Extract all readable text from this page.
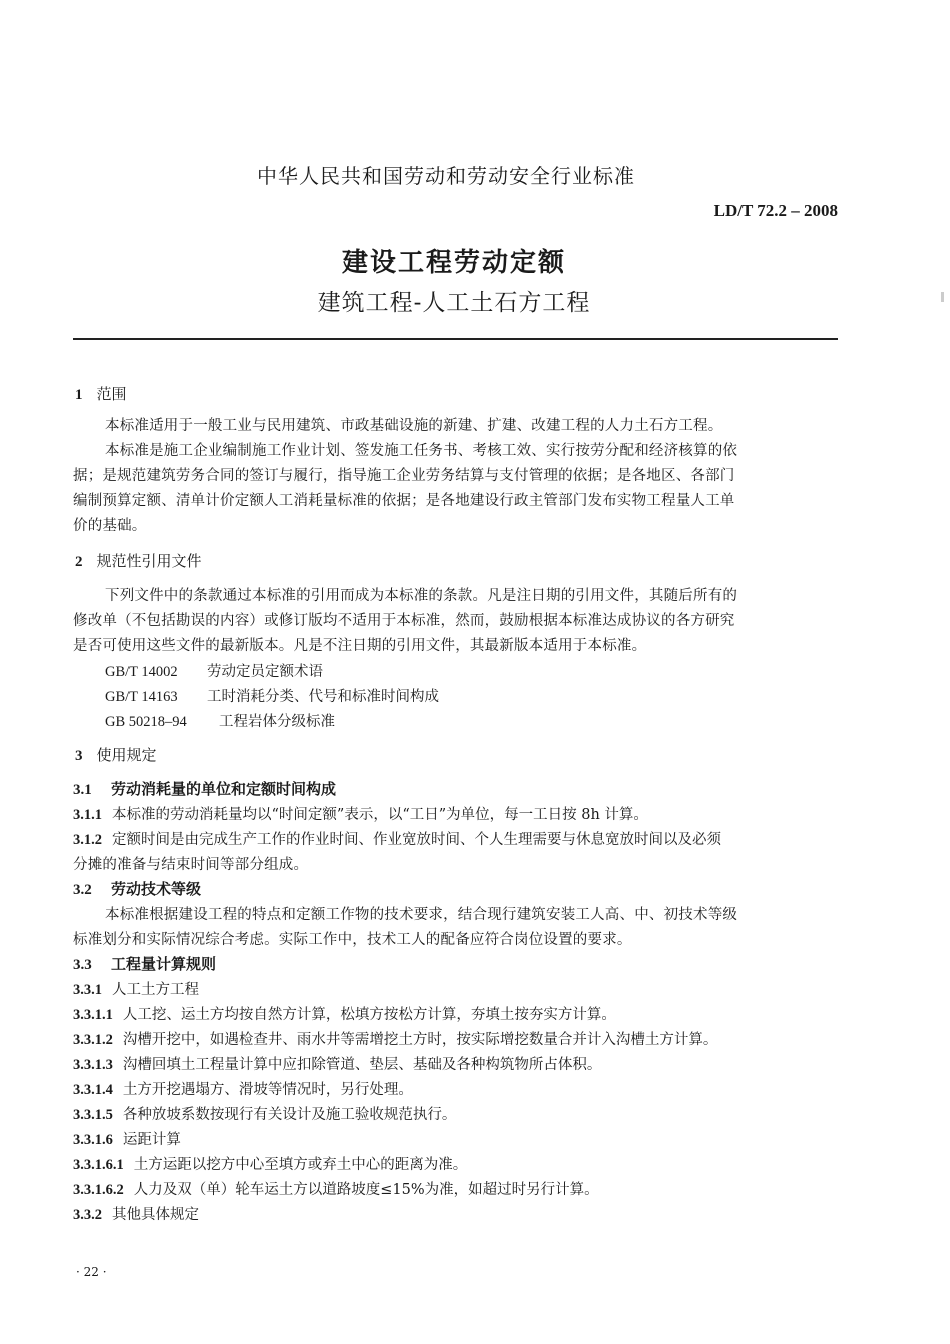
中华人民共和国劳动和劳动安全行业标准
LD/T 72.2 – 2008
建设工程劳动定额
建筑工程-人工土石方工程
1 范围
本标准适用于一般工业与民用建筑、市政基础设施的新建、扩建、改建工程的人力土石方工程。
本标准是施工企业编制施工作业计划、签发施工任务书、考核工效、实行按劳分配和经济核算的依
据；是规范建筑劳务合同的签订与履行，指导施工企业劳务结算与支付管理的依据；是各地区、各部门
编制预算定额、清单计价定额人工消耗量标准的依据；是各地建设行政主管部门发布实物工程量人工单
价的基础。
2 规范性引用文件
下列文件中的条款通过本标准的引用而成为本标准的条款。凡是注日期的引用文件，其随后所有的
修改单（不包括勘误的内容）或修订版均不适用于本标准，然而，鼓励根据本标准达成协议的各方研究
是否可使用这些文件的最新版本。凡是不注日期的引用文件，其最新版本适用于本标准。
GB/T 14002 劳动定员定额术语
GB/T 14163 工时消耗分类、代号和标准时间构成
GB 50218–94 工程岩体分级标准
3 使用规定
3.1 劳动消耗量的单位和定额时间构成
3.1.1 本标准的劳动消耗量均以“时间定额”表示，以“工日”为单位，每一工日按 8h 计算。
3.1.2 定额时间是由完成生产工作的作业时间、作业宽放时间、个人生理需要与休息宽放时间以及必须
分摊的准备与结束时间等部分组成。
3.2 劳动技术等级
本标准根据建设工程的特点和定额工作物的技术要求，结合现行建筑安装工人高、中、初技术等级
标准划分和实际情况综合考虑。实际工作中，技术工人的配备应符合岗位设置的要求。
3.3 工程量计算规则
3.3.1 人工土方工程
3.3.1.1 人工挖、运土方均按自然方计算，松填方按松方计算，夯填土按夯实方计算。
3.3.1.2 沟槽开挖中，如遇检查井、雨水井等需增挖土方时，按实际增挖数量合并计入沟槽土方计算。
3.3.1.3 沟槽回填土工程量计算中应扣除管道、垫层、基础及各种构筑物所占体积。
3.3.1.4 土方开挖遇塌方、滑坡等情况时，另行处理。
3.3.1.5 各种放坡系数按现行有关设计及施工验收规范执行。
3.3.1.6 运距计算
3.3.1.6.1 土方运距以挖方中心至填方或弃土中心的距离为准。
3.3.1.6.2 人力及双（单）轮车运土方以道路坡度≤15%为准，如超过时另行计算。
3.3.2 其他具体规定
· 22 ·
